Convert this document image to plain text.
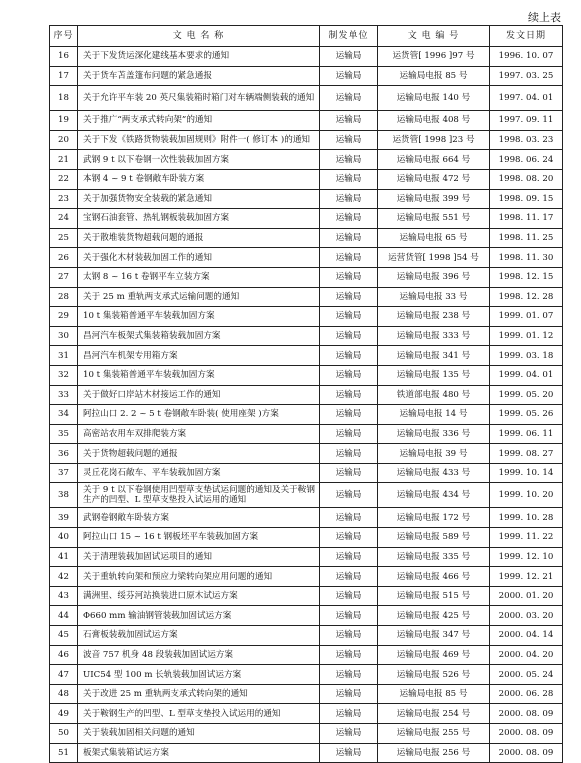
续上表
序号	文 电 名 称	制发单位	文 电 编 号	发文日期
16	关于下发货运深化建线基本要求的通知	运输局	运货管[ 1996 ]97 号	1996. 10. 07
17	关于货车苫盖篷布问题的紧急通报	运输局	运输局电报 85 号	1997. 03. 25
18	关于允许平车装 20 英尺集装箱时箱门对车辆端侧装载的通知	运输局	运输局电报 140 号	1997. 04. 01
19	关于推广“两支承式转向架”的通知	运输局	运输局电报 408 号	1997. 09. 11
20	关于下发《铁路货物装载加固规则》附件一( 修订本 )的通知	运输局	运货管[ 1998 ]23 号	1998. 03. 23
21	武钢 9 t 以下卷钢一次性装载加固方案	运输局	运输局电报 664 号	1998. 06. 24
22	本钢 4 ~ 9 t 卷钢敞车卧装方案	运输局	运输局电报 472 号	1998. 08. 20
23	关于加强货物安全装载的紧急通知	运输局	运输局电报 399 号	1998. 09. 15
24	宝钢石油套管、热轧钢板装载加固方案	运输局	运输局电报 551 号	1998. 11. 17
25	关于散堆装货物超载问题的通报	运输局	运输局电报 65 号	1998. 11. 25
26	关于强化木材装载加固工作的通知	运输局	运营货管[ 1998 ]54 号	1998. 11. 30
27	太钢 8 ~ 16 t 卷钢平车立装方案	运输局	运输局电报 396 号	1998. 12. 15
28	关于 25 m 重轨两支承式运输问题的通知	运输局	运输局电报 33 号	1998. 12. 28
29	10 t 集装箱普通平车装载加固方案	运输局	运输局电报 238 号	1999. 01. 07
30	昌河汽车板架式集装箱装载加固方案	运输局	运输局电报 333 号	1999. 01. 12
31	昌河汽车机架专用箱方案	运输局	运输局电报 341 号	1999. 03. 18
32	10 t 集装箱普通平车装载加固方案	运输局	运输局电报 135 号	1999. 04. 01
33	关于做好口岸站木材接运工作的通知	运输局	铁道部电报 480 号	1999. 05. 20
34	阿拉山口 2. 2 ~ 5 t 卷钢敞车卧装( 使用座架 )方案	运输局	运输局电报 14 号	1999. 05. 26
35	高密站农用车双排爬装方案	运输局	运输局电报 336 号	1999. 06. 11
36	关于货物超载问题的通报	运输局	运输局电报 39 号	1999. 08. 27
37	灵丘花岗石敞车、平车装载加固方案	运输局	运输局电报 433 号	1999. 10. 14
38	关于 9 t 以下卷钢使用凹型草支垫试运问题的通知及关于鞍钢生产的凹型、L 型草支垫投入试运用的通知	运输局	运输局电报 434 号	1999. 10. 20
39	武钢卷钢敞车卧装方案	运输局	运输局电报 172 号	1999. 10. 28
40	阿拉山口 15 ~ 16 t 钢板坯平车装载加固方案	运输局	运输局电报 589 号	1999. 11. 22
41	关于清理装载加固试运项目的通知	运输局	运输局电报 335 号	1999. 12. 10
42	关于重轨转向架和预应力梁转向架应用问题的通知	运输局	运输局电报 466 号	1999. 12. 21
43	满洲里、绥芬河站换装进口原木试运方案	运输局	运输局电报 515 号	2000. 01. 20
44	Φ660 mm 输油钢管装载加固试运方案	运输局	运输局电报 425 号	2000. 03. 20
45	石膏板装载加固试运方案	运输局	运输局电报 347 号	2000. 04. 14
46	波音 757 机身 48 段装载加固试运方案	运输局	运输局电报 469 号	2000. 04. 20
47	UIC54 型 100 m 长轨装载加固试运方案	运输局	运输局电报 526 号	2000. 05. 24
48	关于改进 25 m 重轨两支承式转向架的通知	运输局	运输局电报 85 号	2000. 06. 28
49	关于鞍钢生产的凹型、L 型草支垫投入试运用的通知	运输局	运输局电报 254 号	2000. 08. 09
50	关于装载加固相关问题的通知	运输局	运输局电报 255 号	2000. 08. 09
51	板架式集装箱试运方案	运输局	运输局电报 256 号	2000. 08. 09
